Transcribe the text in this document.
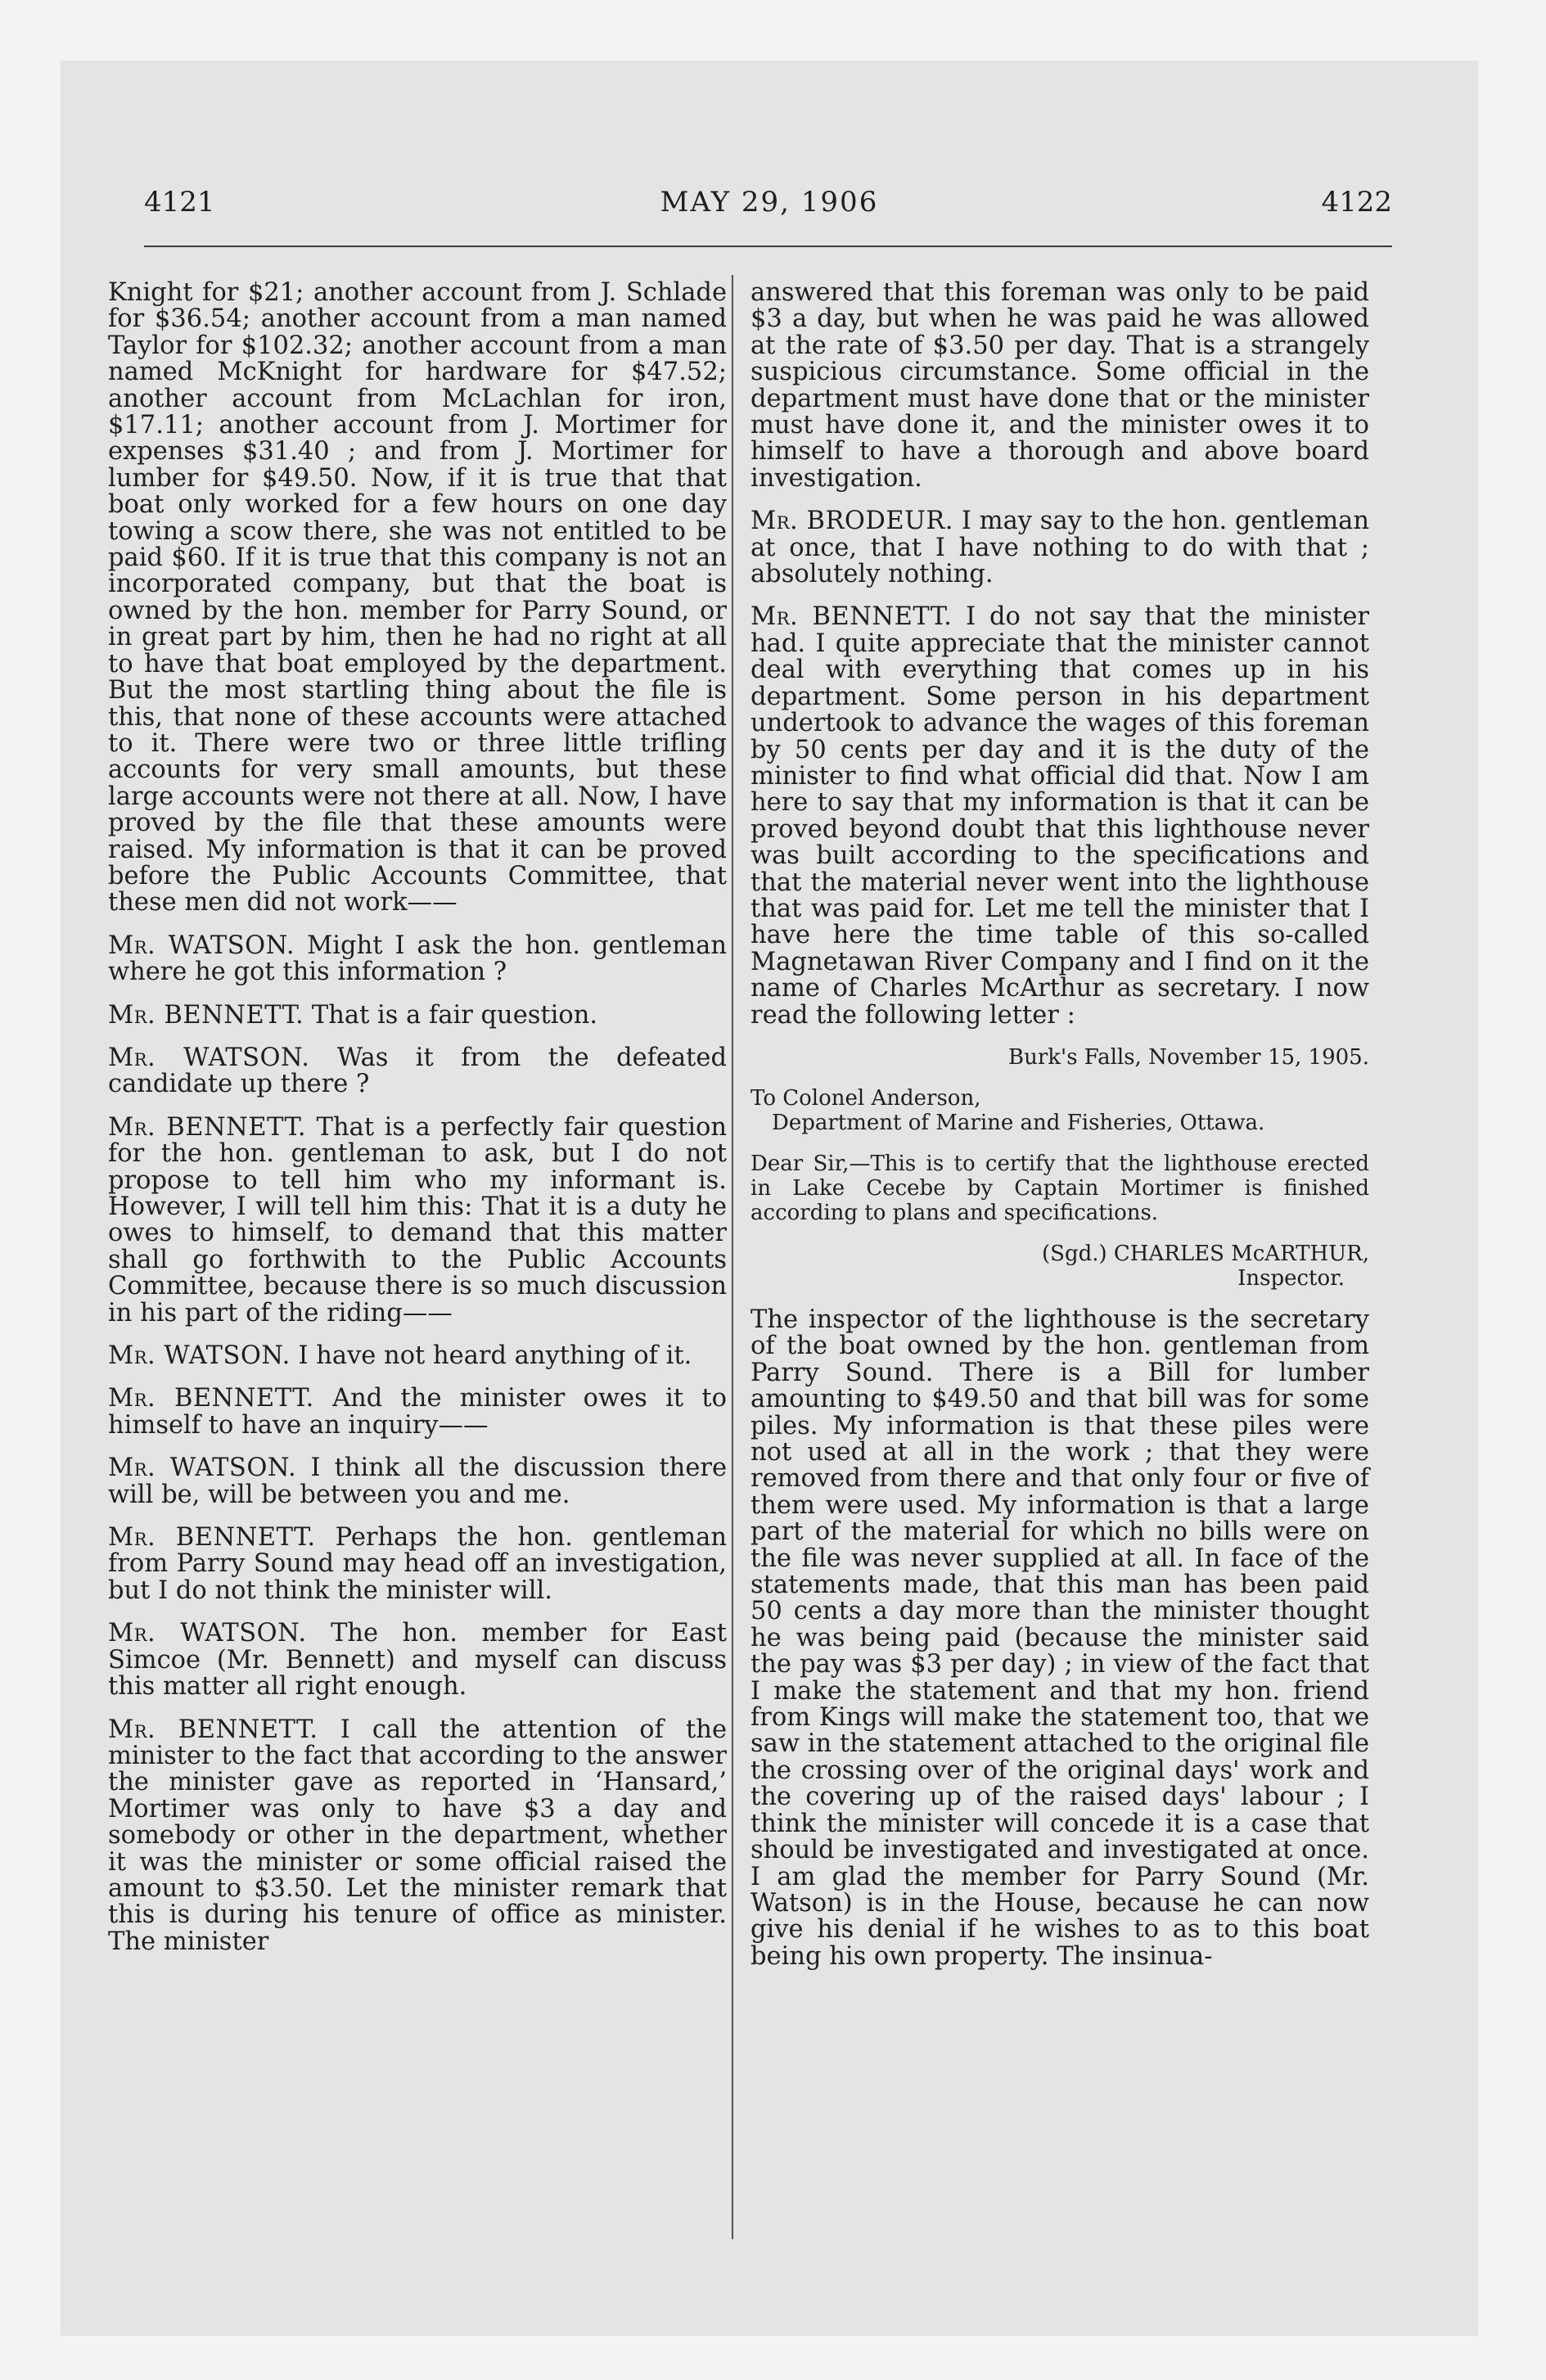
4121	MAY 29, 1906	4122

Knight for $21; another account from J. Schlade for $36.54; another account from a man named Taylor for $102.32; another account from a man named McKnight for hardware for $47.52; another account from McLachlan for iron, $17.11; another account from J. Mortimer for expenses $31.40 ; and from J. Mortimer for lumber for $49.50. Now, if it is true that that boat only worked for a few hours on one day towing a scow there, she was not entitled to be paid $60. If it is true that this company is not an incorporated company, but that the boat is owned by the hon. member for Parry Sound, or in great part by him, then he had no right at all to have that boat employed by the department. But the most startling thing about the file is this, that none of these accounts were attached to it. There were two or three little trifling accounts for very small amounts, but these large accounts were not there at all. Now, I have proved by the file that these amounts were raised. My information is that it can be proved before the Public Accounts Committee, that these men did not work——

Mr. WATSON. Might I ask the hon. gentleman where he got this information ?

Mr. BENNETT. That is a fair question.

Mr. WATSON. Was it from the defeated candidate up there ?

Mr. BENNETT. That is a perfectly fair question for the hon. gentleman to ask, but I do not propose to tell him who my informant is. However, I will tell him this: That it is a duty he owes to himself, to demand that this matter shall go forthwith to the Public Accounts Committee, because there is so much discussion in his part of the riding——

Mr. WATSON. I have not heard anything of it.

Mr. BENNETT. And the minister owes it to himself to have an inquiry——

Mr. WATSON. I think all the discussion there will be, will be between you and me.

Mr. BENNETT. Perhaps the hon. gentleman from Parry Sound may head off an investigation, but I do not think the minister will.

Mr. WATSON. The hon. member for East Simcoe (Mr. Bennett) and myself can discuss this matter all right enough.

Mr. BENNETT. I call the attention of the minister to the fact that according to the answer the minister gave as reported in ‘Hansard,’ Mortimer was only to have $3 a day and somebody or other in the department, whether it was the minister or some official raised the amount to $3.50. Let the minister remark that this is during his tenure of office as minister. The minister

answered that this foreman was only to be paid $3 a day, but when he was paid he was allowed at the rate of $3.50 per day. That is a strangely suspicious circumstance. Some official in the department must have done that or the minister must have done it, and the minister owes it to himself to have a thorough and above board investigation.

Mr. BRODEUR. I may say to the hon. gentleman at once, that I have nothing to do with that ; absolutely nothing.

Mr. BENNETT. I do not say that the minister had. I quite appreciate that the minister cannot deal with everything that comes up in his department. Some person in his department undertook to advance the wages of this foreman by 50 cents per day and it is the duty of the minister to find what official did that. Now I am here to say that my information is that it can be proved beyond doubt that this lighthouse never was built according to the specifications and that the material never went into the lighthouse that was paid for. Let me tell the minister that I have here the time table of this so-called Magnetawan River Company and I find on it the name of Charles McArthur as secretary. I now read the following letter :

Burk's Falls, November 15, 1905.

To Colonel Anderson,

Department of Marine and Fisheries, Ottawa.

Dear Sir,—This is to certify that the lighthouse erected in Lake Cecebe by Captain Mortimer is finished according to plans and specifications.

(Sgd.) CHARLES McARTHUR,

Inspector.

The inspector of the lighthouse is the secretary of the boat owned by the hon. gentleman from Parry Sound. There is a Bill for lumber amounting to $49.50 and that bill was for some piles. My information is that these piles were not used at all in the work ; that they were removed from there and that only four or five of them were used. My information is that a large part of the material for which no bills were on the file was never supplied at all. In face of the statements made, that this man has been paid 50 cents a day more than the minister thought he was being paid (because the minister said the pay was $3 per day) ; in view of the fact that I make the statement and that my hon. friend from Kings will make the statement too, that we saw in the statement attached to the original file the crossing over of the original days' work and the covering up of the raised days' labour ; I think the minister will concede it is a case that should be investigated and investigated at once. I am glad the member for Parry Sound (Mr. Watson) is in the House, because he can now give his denial if he wishes to as to this boat being his own property. The insinua-
